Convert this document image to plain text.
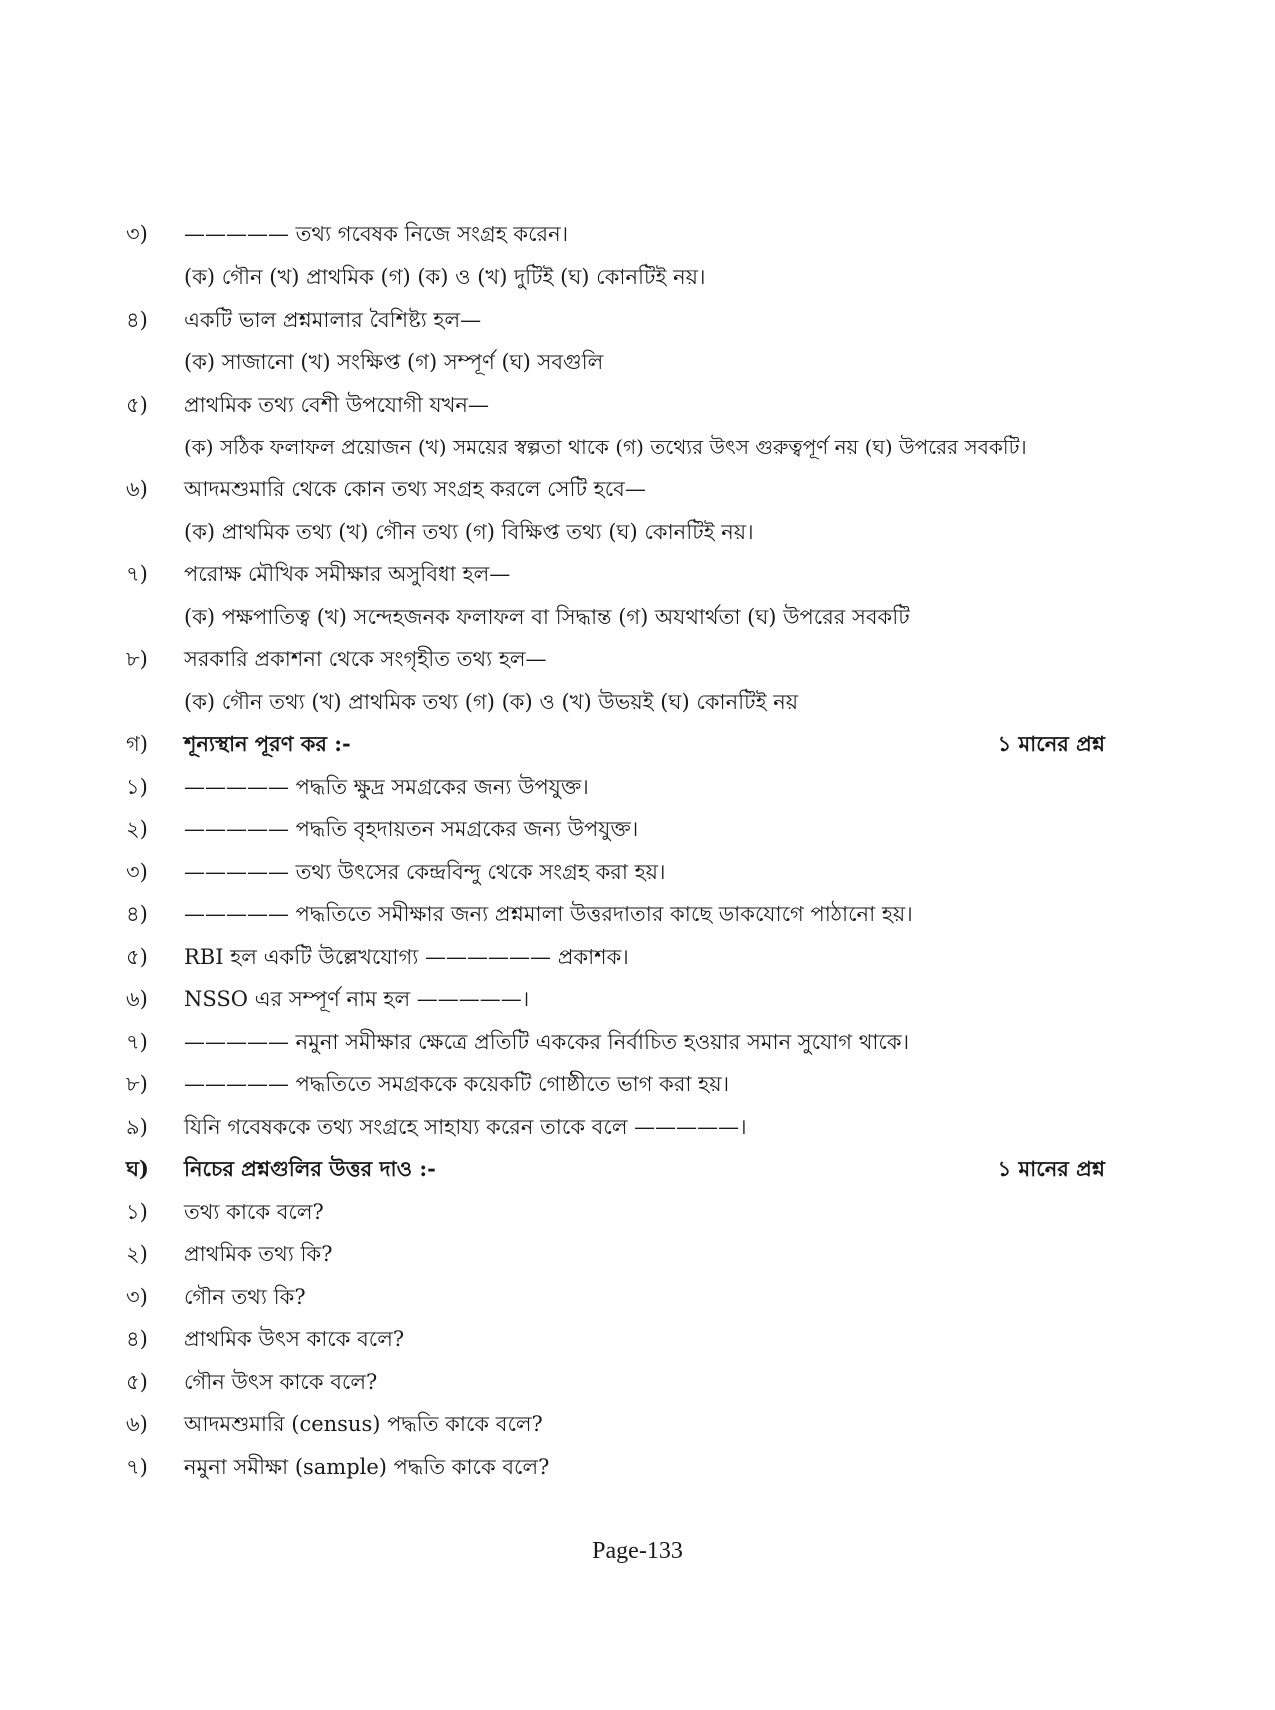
৩) ————— তথ্য গবেষক নিজে সংগ্রহ করেন।
(ক) গৌন (খ) প্রাথমিক (গ) (ক) ও (খ) দুটিই (ঘ) কোনটিই নয়।
৪) একটি ভাল প্রশ্নমালার বৈশিষ্ট্য হল—
(ক) সাজানো (খ) সংক্ষিপ্ত (গ) সম্পূর্ণ (ঘ) সবগুলি
৫) প্রাথমিক তথ্য বেশী উপযোগী যখন—
(ক) সঠিক ফলাফল প্রয়োজন (খ) সময়ের স্বল্পতা থাকে (গ) তথ্যের উৎস গুরুত্বপূর্ণ নয় (ঘ) উপরের সবকটি।
৬) আদমশুমারি থেকে কোন তথ্য সংগ্রহ করলে সেটি হবে—
(ক) প্রাথমিক তথ্য (খ) গৌন তথ্য (গ) বিক্ষিপ্ত তথ্য (ঘ) কোনটিই নয়।
৭) পরোক্ষ মৌখিক সমীক্ষার অসুবিধা হল—
(ক) পক্ষপাতিত্ব (খ) সন্দেহজনক ফলাফল বা সিদ্ধান্ত (গ) অযথার্থতা (ঘ) উপরের সবকটি
৮) সরকারি প্রকাশনা থেকে সংগৃহীত তথ্য হল—
(ক) গৌন তথ্য (খ) প্রাথমিক তথ্য (গ) (ক) ও (খ) উভয়ই (ঘ) কোনটিই নয়
গ) শূন্যস্থান পূরণ কর :-	১ মানের প্রশ্ন
১) ————— পদ্ধতি ক্ষুদ্র সমগ্রকের জন্য উপযুক্ত।
২) ————— পদ্ধতি বৃহদায়তন সমগ্রকের জন্য উপযুক্ত।
৩) ————— তথ্য উৎসের কেন্দ্রবিন্দু থেকে সংগ্রহ করা হয়।
৪) ————— পদ্ধতিতে সমীক্ষার জন্য প্রশ্নমালা উত্তরদাতার কাছে ডাকযোগে পাঠানো হয়।
৫) RBI হল একটি উল্লেখযোগ্য —————— প্রকাশক।
৬) NSSO এর সম্পূর্ণ নাম হল —————।
৭) ————— নমুনা সমীক্ষার ক্ষেত্রে প্রতিটি এককের নির্বাচিত হওয়ার সমান সুযোগ থাকে।
৮) ————— পদ্ধতিতে সমগ্রককে কয়েকটি গোষ্ঠীতে ভাগ করা হয়।
৯) যিনি গবেষককে তথ্য সংগ্রহে সাহায্য করেন তাকে বলে —————।
ঘ) নিচের প্রশ্নগুলির উত্তর দাও :-	১ মানের প্রশ্ন
১) তথ্য কাকে বলে?
২) প্রাথমিক তথ্য কি?
৩) গৌন তথ্য কি?
৪) প্রাথমিক উৎস কাকে বলে?
৫) গৌন উৎস কাকে বলে?
৬) আদমশুমারি (census) পদ্ধতি কাকে বলে?
৭) নমুনা সমীক্ষা (sample) পদ্ধতি কাকে বলে?
Page-133
